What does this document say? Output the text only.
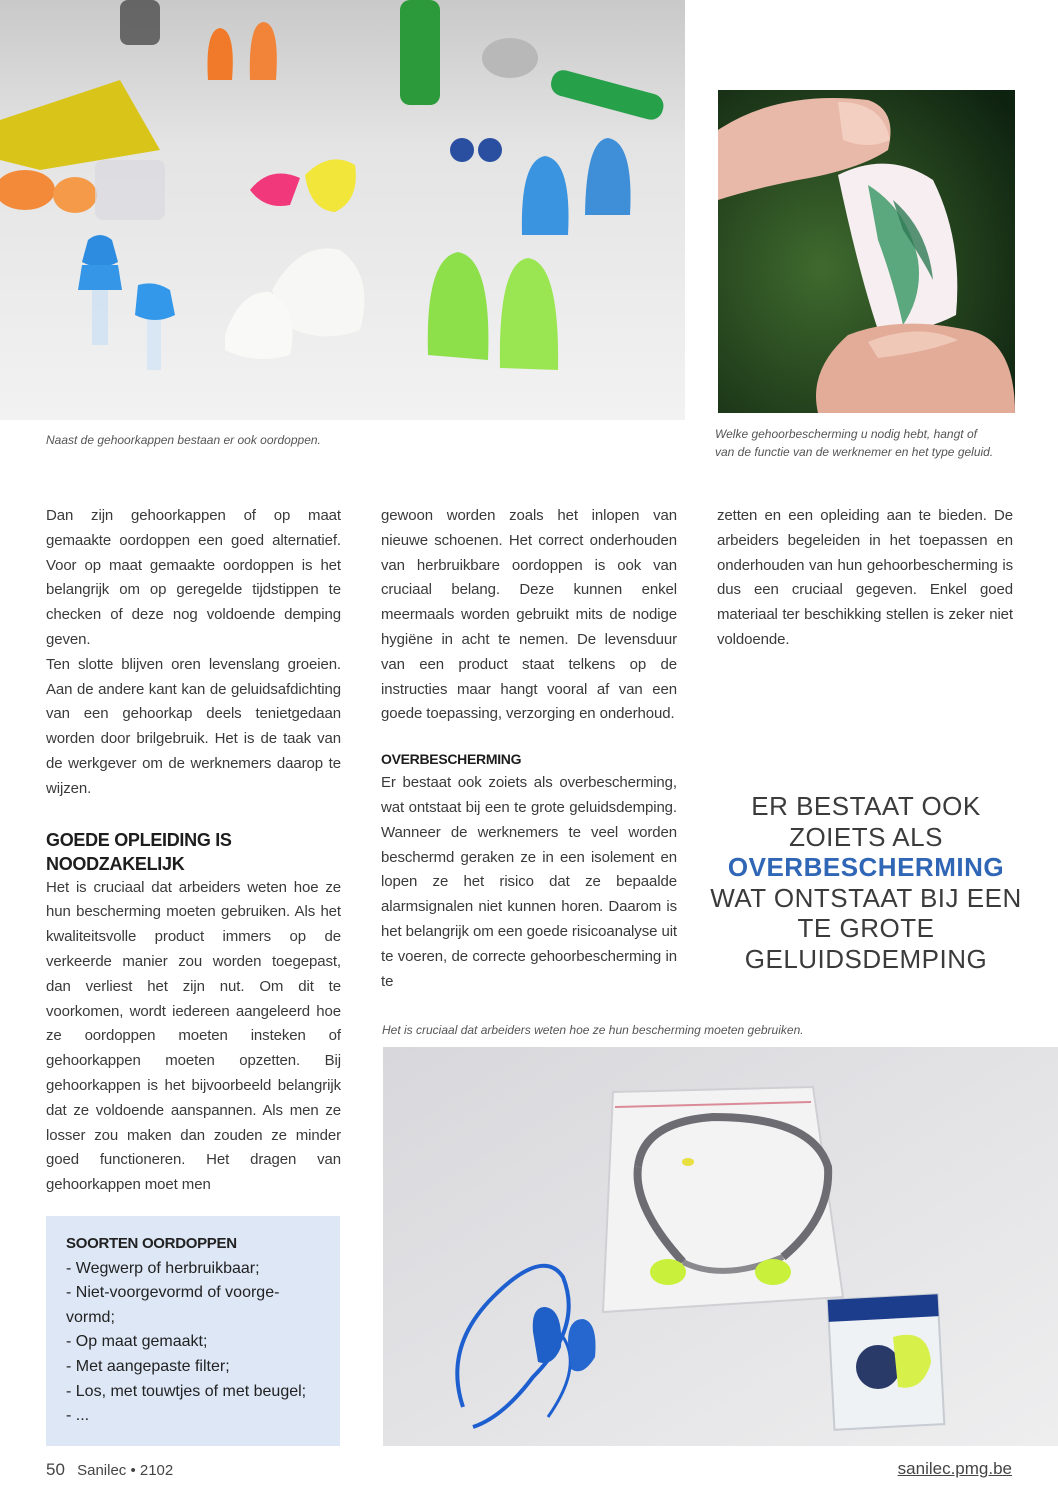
Naast de gehoorkappen bestaan er ook oordoppen.	Welke gehoorbescherming u nodig hebt, hangt of
van de functie van de werknemer en het type geluid.

Dan zijn gehoorkappen of op maat gemaakte oordoppen een goed alternatief. Voor op maat gemaakte oordoppen is het belangrijk om op geregelde tijdstippen te checken of deze nog voldoende demping geven.

Ten slotte blijven oren levenslang groeien. Aan de andere kant kan de geluidsafdichting van een gehoorkap deels tenietgedaan worden door brilgebruik. Het is de taak van de werkgever om de werknemers daarop te wijzen.

GOEDE OPLEIDING IS NOODZAKELIJK

Het is cruciaal dat arbeiders weten hoe ze hun bescherming moeten gebruiken. Als het kwaliteitsvolle product immers op de verkeerde manier zou worden toegepast, dan verliest het zijn nut. Om dit te voorkomen, wordt iedereen aangeleerd hoe ze oordoppen moeten insteken of gehoorkappen moeten opzetten. Bij gehoorkappen is het bijvoorbeeld belangrijk dat ze voldoende aanspannen. Als men ze losser zou maken dan zouden ze minder goed functioneren. Het dragen van gehoorkappen moet men

gewoon worden zoals het inlopen van nieuwe schoenen. Het correct onderhouden van herbruikbare oordoppen is ook van cruciaal belang. Deze kunnen enkel meermaals worden gebruikt mits de nodige hygiëne in acht te nemen. De levensduur van een product staat telkens op de instructies maar hangt vooral af van een goede toepassing, verzorging en onderhoud.

OVERBESCHERMING

Er bestaat ook zoiets als overbescherming, wat ontstaat bij een te grote geluidsdemping. Wanneer de werknemers te veel worden beschermd geraken ze in een isolement en lopen ze het risico dat ze bepaalde alarmsignalen niet kunnen horen. Daarom is het belangrijk om een goede risicoanalyse uit te voeren, de correcte gehoorbescherming in te

zetten en een opleiding aan te bieden. De arbeiders begeleiden in het toepassen en onderhouden van hun gehoorbescherming is dus een cruciaal gegeven. Enkel goed materiaal ter beschikking stellen is zeker niet voldoende.

ER BESTAAT OOK
ZOIETS ALS
OVERBESCHERMING
WAT ONTSTAAT BIJ EEN
TE GROTE
GELUIDSDEMPING
Het is cruciaal dat arbeiders weten hoe ze hun bescherming moeten gebruiken.
SOORTEN OORDOPPEN
- Wegwerp of herbruikbaar;
- Niet-voorgevormd of voorge-
vormd;
- Op maat gemaakt;
- Met aangepaste filter;
- Los, met touwtjes of met beugel;
- ...
50 Sanilec • 2102	sanilec.pmg.be
